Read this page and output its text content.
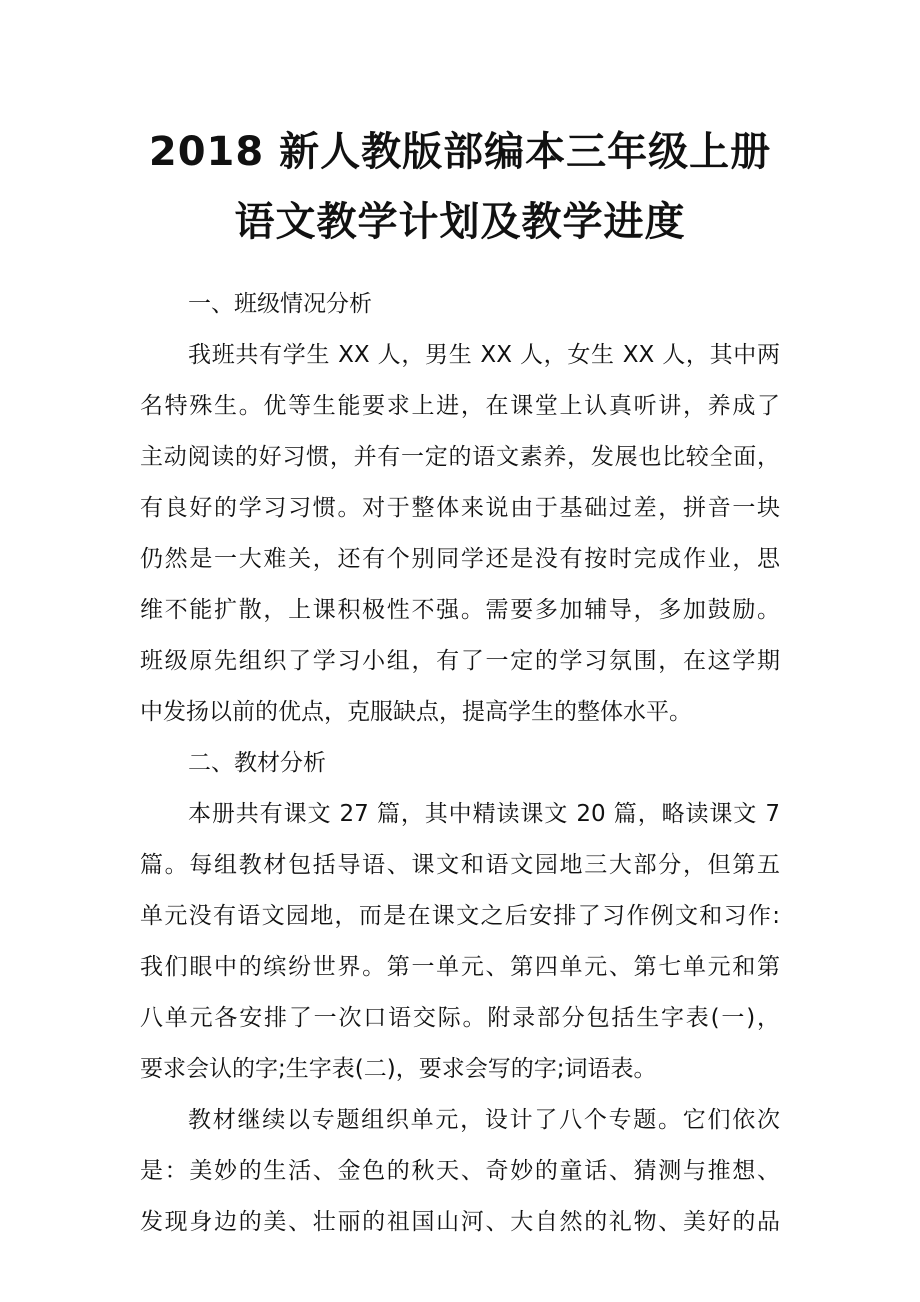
2018 新人教版部编本三年级上册
语文教学计划及教学进度
一、班级情况分析
我班共有学生 XX 人，男生 XX 人，女生 XX 人，其中两
名特殊生。优等生能要求上进，在课堂上认真听讲，养成了
主动阅读的好习惯，并有一定的语文素养，发展也比较全面，
有良好的学习习惯。对于整体来说由于基础过差，拼音一块
仍然是一大难关，还有个别同学还是没有按时完成作业，思
维不能扩散，上课积极性不强。需要多加辅导，多加鼓励。
班级原先组织了学习小组，有了一定的学习氛围，在这学期
中发扬以前的优点，克服缺点，提高学生的整体水平。
二、教材分析
本册共有课文 27 篇，其中精读课文 20 篇，略读课文 7
篇。每组教材包括导语、课文和语文园地三大部分，但第五
单元没有语文园地，而是在课文之后安排了习作例文和习作:
我们眼中的缤纷世界。第一单元、第四单元、第七单元和第
八单元各安排了一次口语交际。附录部分包括生字表(一)，
要求会认的字;生字表(二)，要求会写的字;词语表。
教材继续以专题组织单元，设计了八个专题。它们依次
是：美妙的生活、金色的秋天、奇妙的童话、猜测与推想、
发现身边的美、壮丽的祖国山河、大自然的礼物、美好的品
